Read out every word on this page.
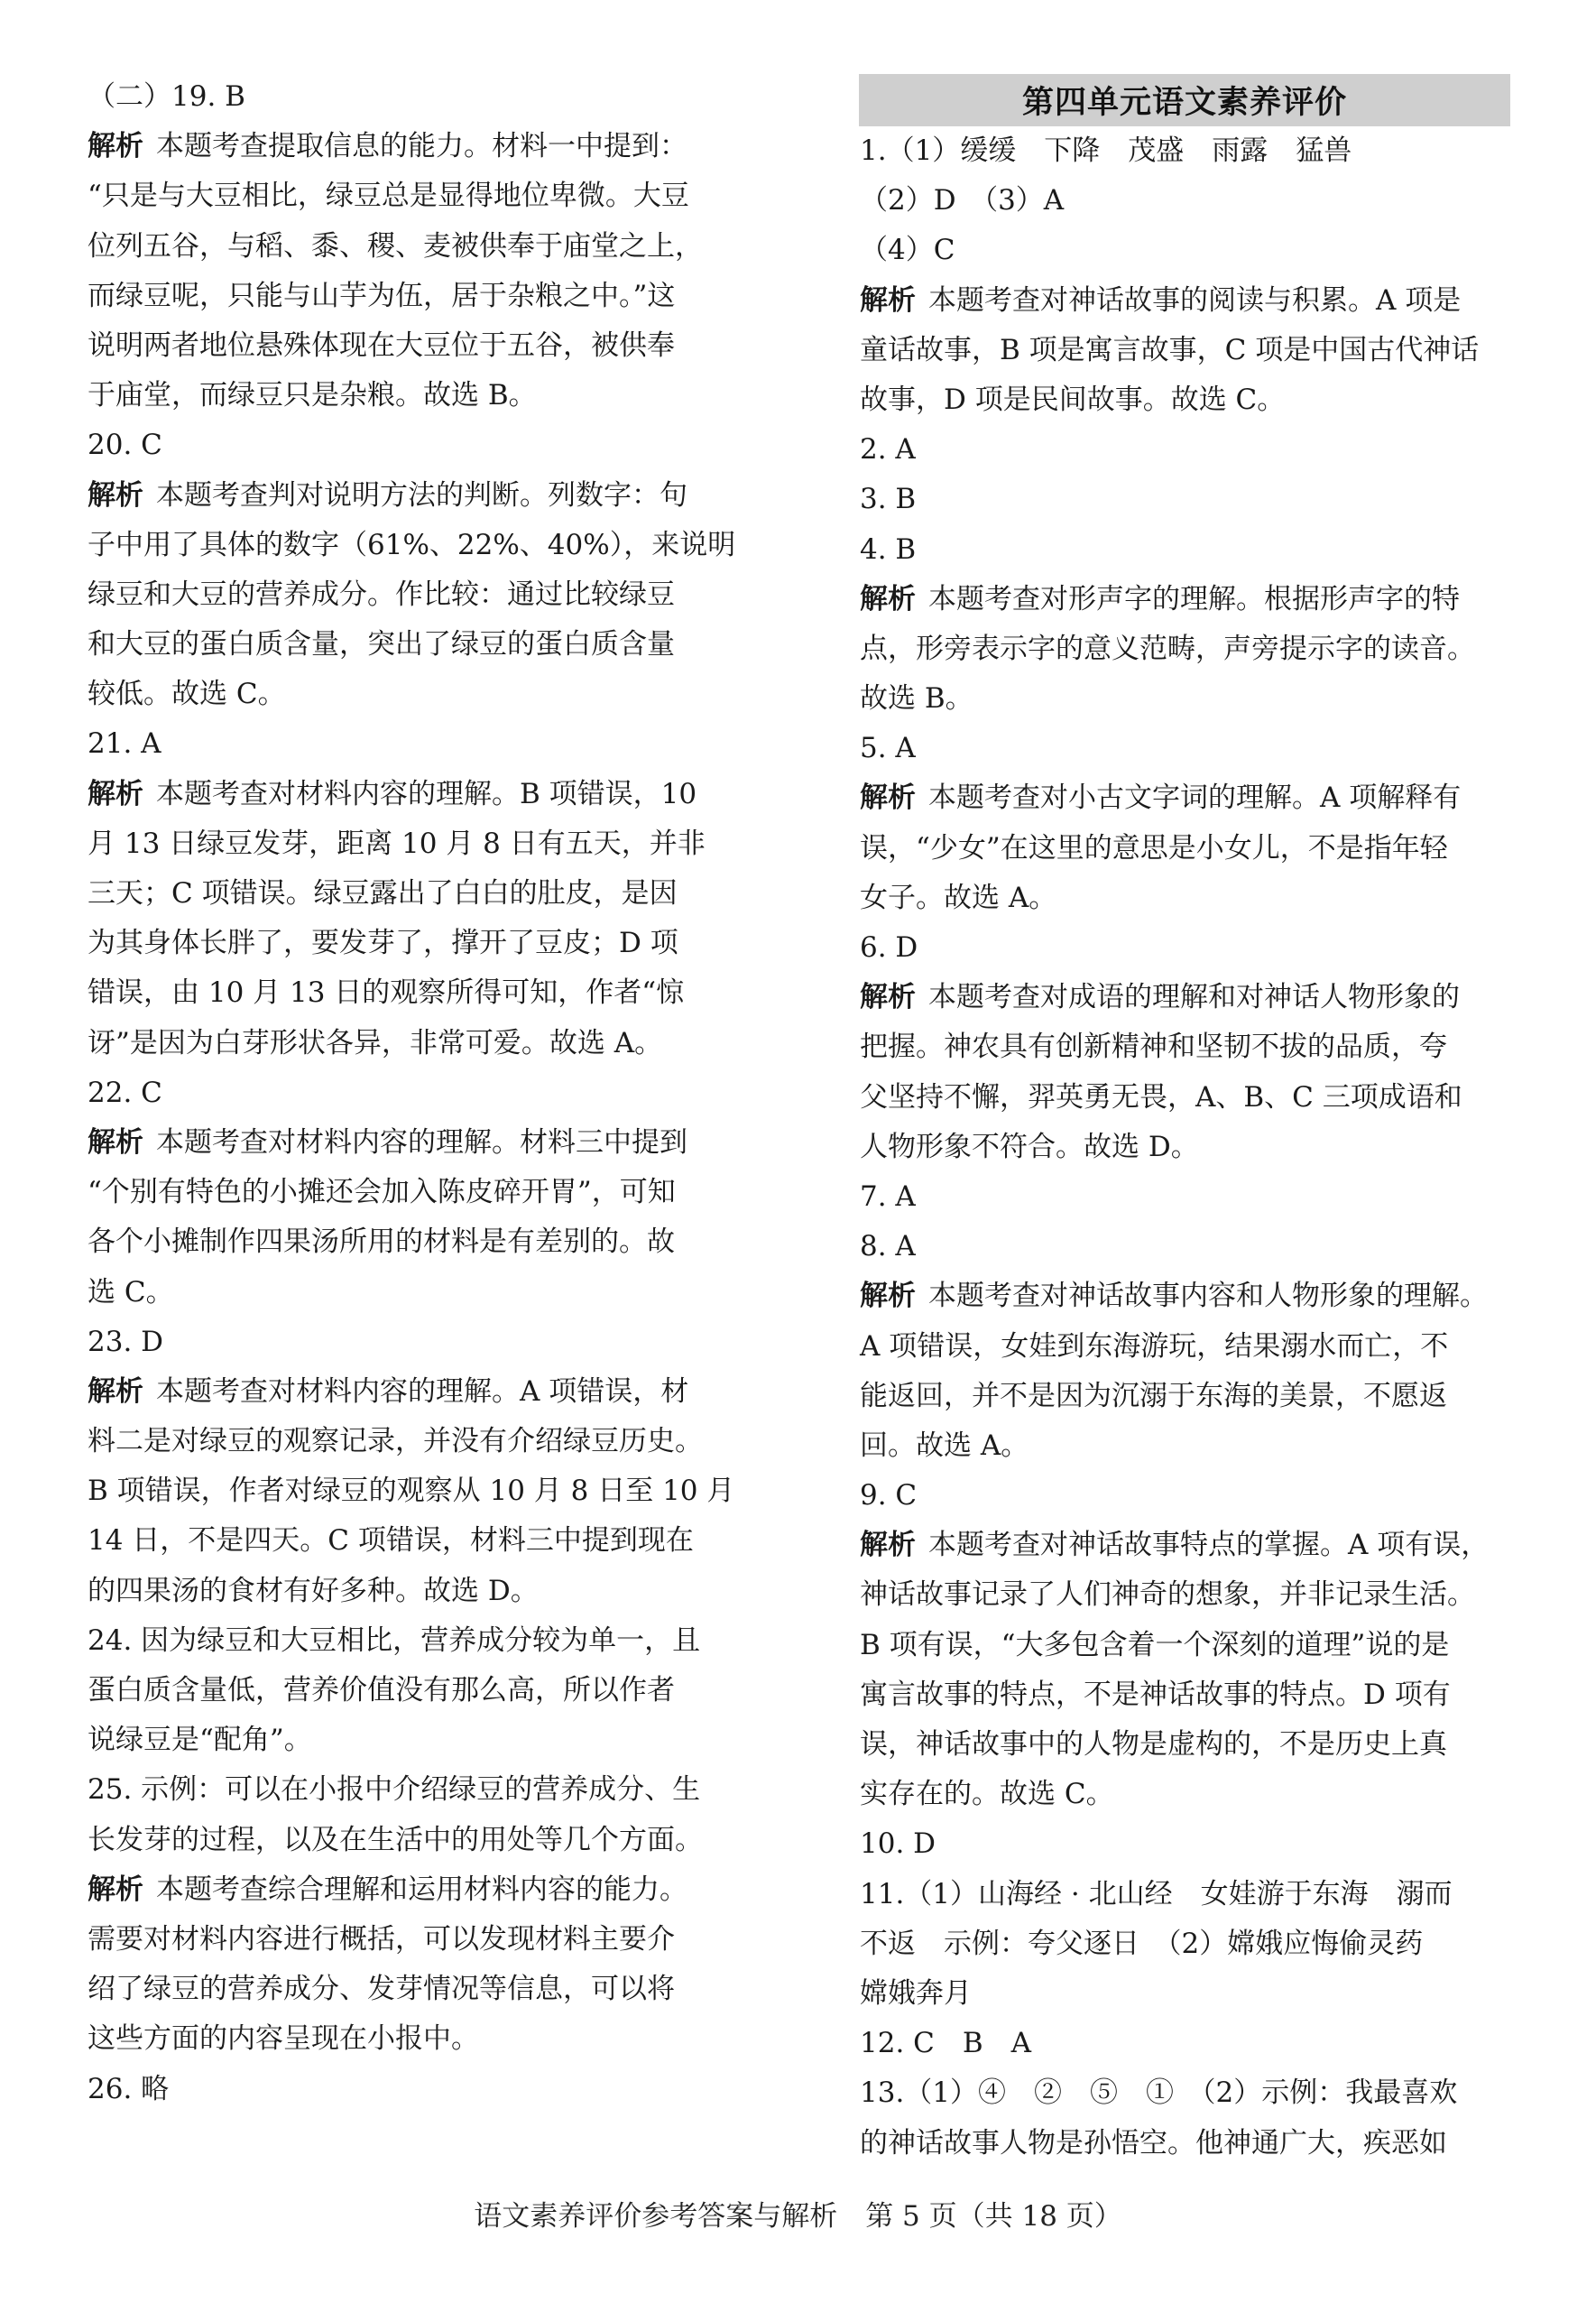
（二）19. B
解析 本题考查提取信息的能力。材料一中提到：
“只是与大豆相比，绿豆总是显得地位卑微。大豆
位列五谷，与稻、黍、稷、麦被供奉于庙堂之上，
而绿豆呢，只能与山芋为伍，居于杂粮之中。”这
说明两者地位悬殊体现在大豆位于五谷，被供奉
于庙堂，而绿豆只是杂粮。故选 B。
20. C
解析 本题考查判对说明方法的判断。列数字：句
子中用了具体的数字（61%、22%、40%），来说明
绿豆和大豆的营养成分。作比较：通过比较绿豆
和大豆的蛋白质含量，突出了绿豆的蛋白质含量
较低。故选 C。
21. A
解析 本题考查对材料内容的理解。B 项错误，10
月 13 日绿豆发芽，距离 10 月 8 日有五天，并非
三天；C 项错误。绿豆露出了白白的肚皮，是因
为其身体长胖了，要发芽了，撑开了豆皮；D 项
错误，由 10 月 13 日的观察所得可知，作者“惊
讶”是因为白芽形状各异，非常可爱。故选 A。
22. C
解析 本题考查对材料内容的理解。材料三中提到
“个别有特色的小摊还会加入陈皮碎开胃”，可知
各个小摊制作四果汤所用的材料是有差别的。故
选 C。
23. D
解析 本题考查对材料内容的理解。A 项错误，材
料二是对绿豆的观察记录，并没有介绍绿豆历史。
B 项错误，作者对绿豆的观察从 10 月 8 日至 10 月
14 日，不是四天。C 项错误，材料三中提到现在
的四果汤的食材有好多种。故选 D。
24. 因为绿豆和大豆相比，营养成分较为单一，且
蛋白质含量低，营养价值没有那么高，所以作者
说绿豆是“配角”。
25. 示例：可以在小报中介绍绿豆的营养成分、生
长发芽的过程，以及在生活中的用处等几个方面。
解析 本题考查综合理解和运用材料内容的能力。
需要对材料内容进行概括，可以发现材料主要介
绍了绿豆的营养成分、发芽情况等信息，可以将
这些方面的内容呈现在小报中。
26. 略
第四单元语文素养评价
1.（1）缓缓　下降　茂盛　雨露　猛兽
（2）D　（3）A
（4）C
解析 本题考查对神话故事的阅读与积累。A 项是
童话故事，B 项是寓言故事，C 项是中国古代神话
故事，D 项是民间故事。故选 C。
2. A
3. B
4. B
解析 本题考查对形声字的理解。根据形声字的特
点，形旁表示字的意义范畴，声旁提示字的读音。
故选 B。
5. A
解析 本题考查对小古文字词的理解。A 项解释有
误，“少女”在这里的意思是小女儿，不是指年轻
女子。故选 A。
6. D
解析 本题考查对成语的理解和对神话人物形象的
把握。神农具有创新精神和坚韧不拔的品质，夸
父坚持不懈，羿英勇无畏，A、B、C 三项成语和
人物形象不符合。故选 D。
7. A
8. A
解析 本题考查对神话故事内容和人物形象的理解。
A 项错误，女娃到东海游玩，结果溺水而亡，不
能返回，并不是因为沉溺于东海的美景，不愿返
回。故选 A。
9. C
解析 本题考查对神话故事特点的掌握。A 项有误，
神话故事记录了人们神奇的想象，并非记录生活。
B 项有误，“大多包含着一个深刻的道理”说的是
寓言故事的特点，不是神话故事的特点。D 项有
误，神话故事中的人物是虚构的，不是历史上真
实存在的。故选 C。
10. D
11.（1）山海经 · 北山经　女娃游于东海　溺而
不返　示例：夸父逐日　（2）嫦娥应悔偷灵药
嫦娥奔月
12. C　B　A
13.（1）④　②　⑤　①　（2）示例：我最喜欢
的神话故事人物是孙悟空。他神通广大，疾恶如
语文素养评价参考答案与解析　第 5 页（共 18 页）
